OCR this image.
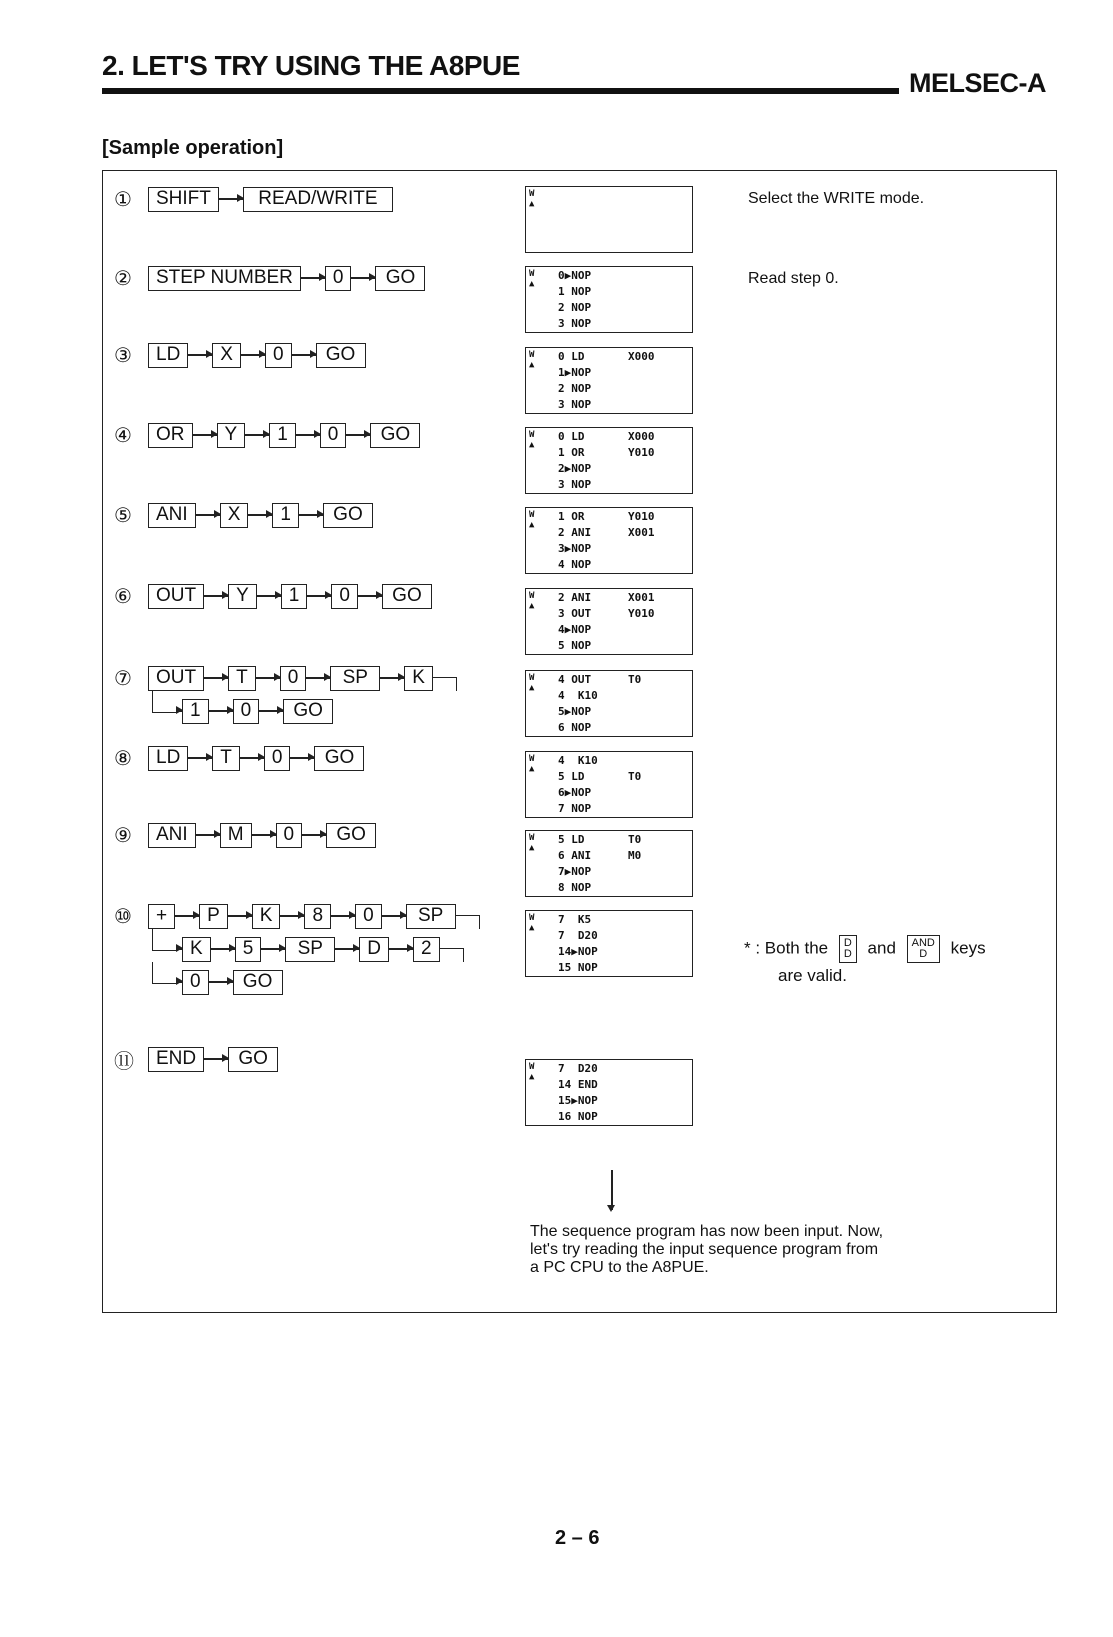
2. LET'S TRY USING THE A8PUE
MELSEC-A
[Sample operation]
①	SHIFT	READ/WRITE	W
▲	Select the WRITE mode.
②	STEP NUMBER	0	GO	W
▲
0▶NOP
1 NOP
2 NOP
3 NOP
Read step 0.
③	LD	X	0	GO	W
▲
0 LD	X000
1▶NOP
2 NOP
3 NOP
④	OR	Y	1	0	GO	W
▲
0 LD	X000
1 OR	Y010
2▶NOP
3 NOP
⑤	ANI	X	1	GO	W
▲
1 OR	Y010
2 ANI	X001
3▶NOP
4 NOP
⑥	OUT	Y	1	0	GO	W
▲
2 ANI	X001
3 OUT	Y010
4▶NOP
5 NOP
⑦	OUT	T	0	SP	K
1	0	GO
W
▲
4 OUT	T0
4  K10
5▶NOP
6 NOP
⑧	LD	T	0	GO	W
▲
4  K10
5 LD	T0
6▶NOP
7 NOP
⑨	ANI	M	0	GO	W
▲
5 LD	T0
6 ANI	M0
7▶NOP
8 NOP
⑩	+	P	K	8	0	SP
K	5	SP	D	2
0	GO
W
▲
7  K5
7  D20
14▶NOP
15 NOP
⑪	END	GO	W
▲
7  D20
14 END
15▶NOP
16 NOP
* : Both the D
D and AND
D keys
are valid.
The sequence program has now been input. Now, let's try reading the input sequence program from a PC CPU to the A8PUE.
2 – 6
